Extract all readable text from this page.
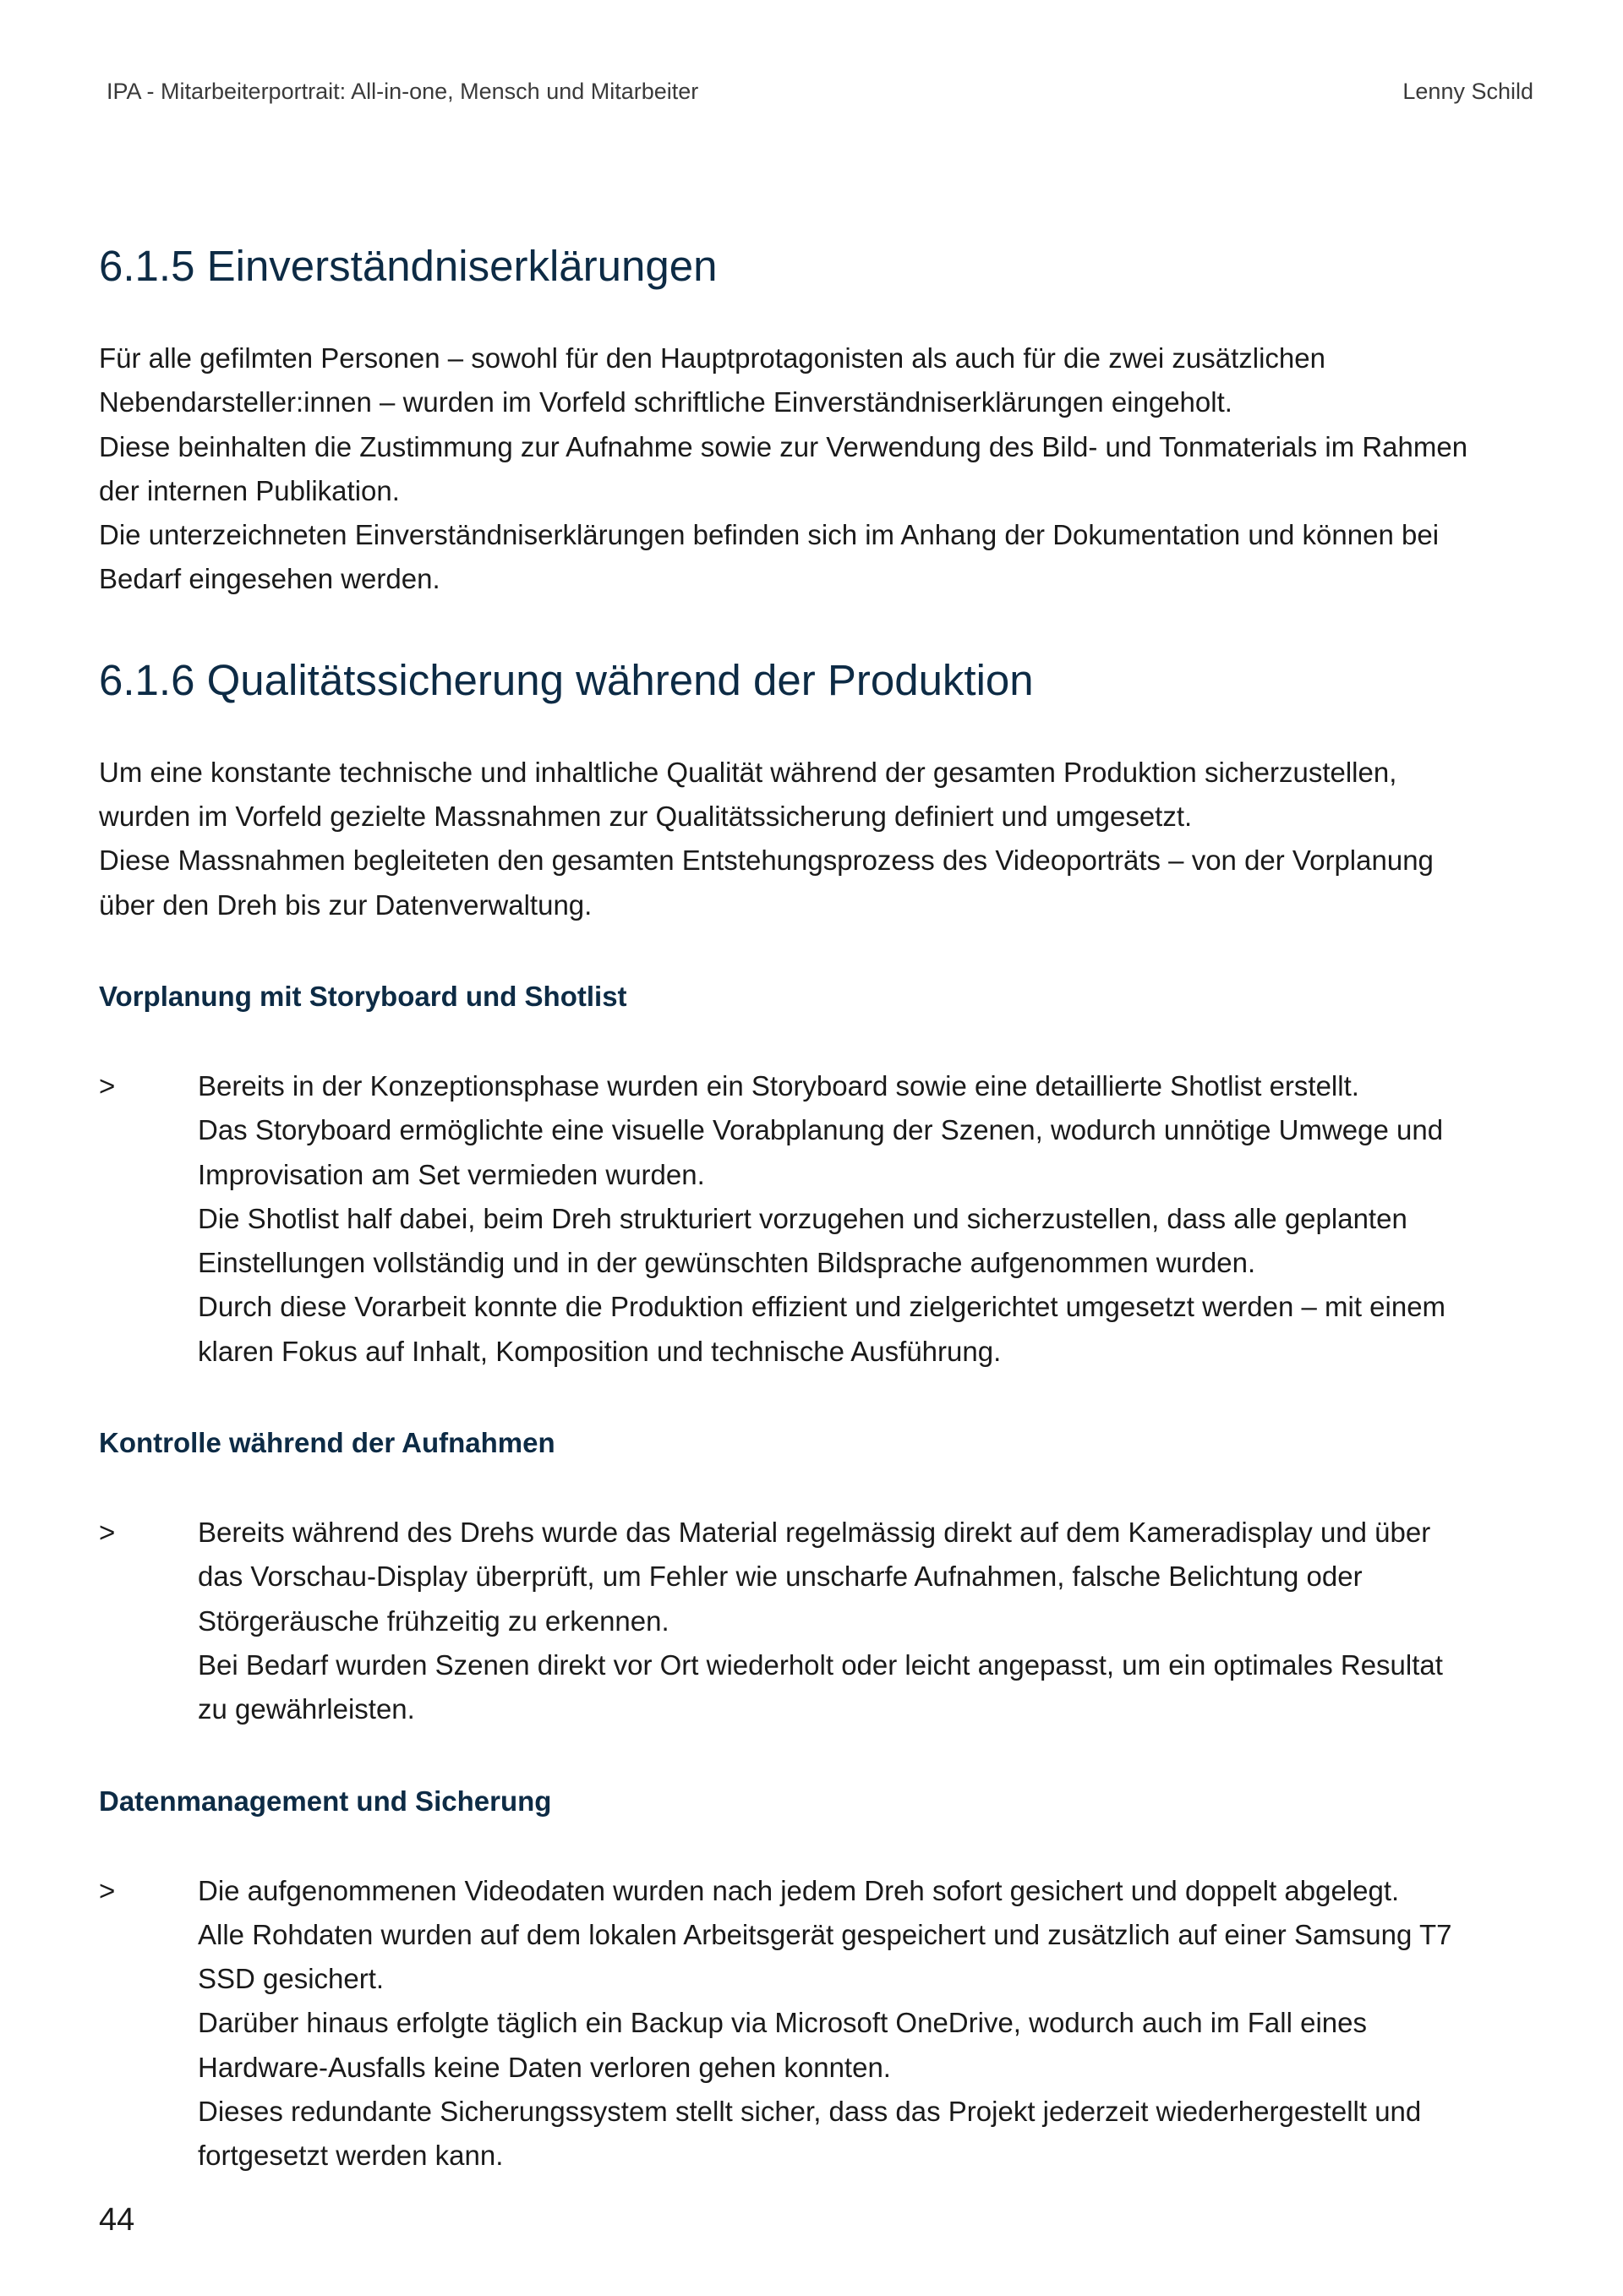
IPA - Mitarbeiterportrait: All-in-one, Mensch und Mitarbeiter	Lenny Schild
6.1.5 Einverständniserklärungen
Für alle gefilmten Personen – sowohl für den Hauptprotagonisten als auch für die zwei zusätzlichen
Nebendarsteller:innen – wurden im Vorfeld schriftliche Einverständniserklärungen eingeholt.
Diese beinhalten die Zustimmung zur Aufnahme sowie zur Verwendung des Bild- und Tonmaterials im Rahmen
der internen Publikation.
Die unterzeichneten Einverständniserklärungen befinden sich im Anhang der Dokumentation und können bei
Bedarf eingesehen werden.
6.1.6 Qualitätssicherung während der Produktion
Um eine konstante technische und inhaltliche Qualität während der gesamten Produktion sicherzustellen,
wurden im Vorfeld gezielte Massnahmen zur Qualitätssicherung definiert und umgesetzt.
Diese Massnahmen begleiteten den gesamten Entstehungsprozess des Videoporträts – von der Vorplanung
über den Dreh bis zur Datenverwaltung.
Vorplanung mit Storyboard und Shotlist
>	Bereits in der Konzeptionsphase wurden ein Storyboard sowie eine detaillierte Shotlist erstellt.
Das Storyboard ermöglichte eine visuelle Vorabplanung der Szenen, wodurch unnötige Umwege und
Improvisation am Set vermieden wurden.
Die Shotlist half dabei, beim Dreh strukturiert vorzugehen und sicherzustellen, dass alle geplanten
Einstellungen vollständig und in der gewünschten Bildsprache aufgenommen wurden.
Durch diese Vorarbeit konnte die Produktion effizient und zielgerichtet umgesetzt werden – mit einem
klaren Fokus auf Inhalt, Komposition und technische Ausführung.
Kontrolle während der Aufnahmen
>	Bereits während des Drehs wurde das Material regelmässig direkt auf dem Kameradisplay und über
das Vorschau-Display überprüft, um Fehler wie unscharfe Aufnahmen, falsche Belichtung oder
Störgeräusche frühzeitig zu erkennen.
Bei Bedarf wurden Szenen direkt vor Ort wiederholt oder leicht angepasst, um ein optimales Resultat
zu gewährleisten.
Datenmanagement und Sicherung
>	Die aufgenommenen Videodaten wurden nach jedem Dreh sofort gesichert und doppelt abgelegt.
Alle Rohdaten wurden auf dem lokalen Arbeitsgerät gespeichert und zusätzlich auf einer Samsung T7
SSD gesichert.
Darüber hinaus erfolgte täglich ein Backup via Microsoft OneDrive, wodurch auch im Fall eines
Hardware-Ausfalls keine Daten verloren gehen konnten.
Dieses redundante Sicherungssystem stellt sicher, dass das Projekt jederzeit wiederhergestellt und
fortgesetzt werden kann.
44
